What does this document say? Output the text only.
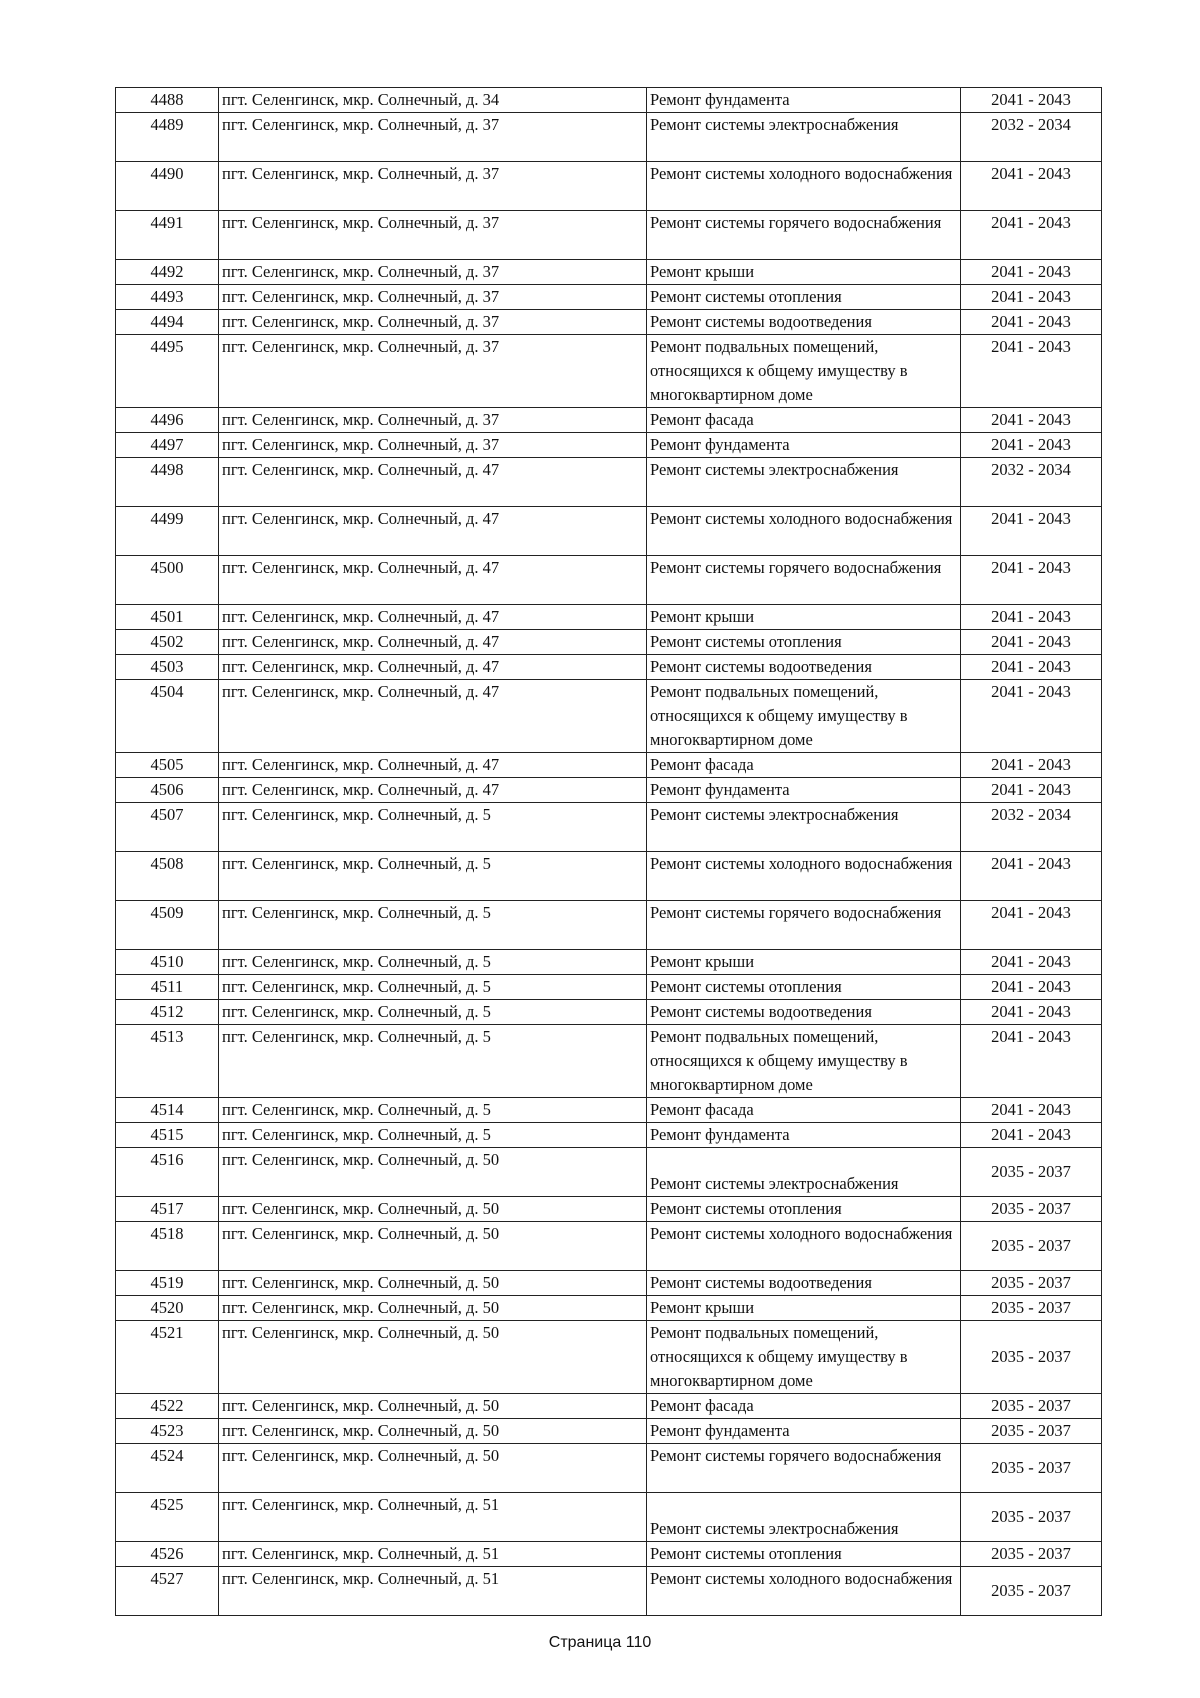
4488	пгт. Селенгинск, мкр. Солнечный, д. 34	Ремонт фундамента	2041 - 2043
4489	пгт. Селенгинск, мкр. Солнечный, д. 37	Ремонт системы электроснабжения	2032 - 2034
4490	пгт. Селенгинск, мкр. Солнечный, д. 37	Ремонт системы холодного водоснабжения	2041 - 2043
4491	пгт. Селенгинск, мкр. Солнечный, д. 37	Ремонт системы горячего водоснабжения	2041 - 2043
4492	пгт. Селенгинск, мкр. Солнечный, д. 37	Ремонт крыши	2041 - 2043
4493	пгт. Селенгинск, мкр. Солнечный, д. 37	Ремонт системы отопления	2041 - 2043
4494	пгт. Селенгинск, мкр. Солнечный, д. 37	Ремонт системы водоотведения	2041 - 2043
4495	пгт. Селенгинск, мкр. Солнечный, д. 37	Ремонт подвальных помещений, относящихся к общему имуществу в многоквартирном доме	2041 - 2043
4496	пгт. Селенгинск, мкр. Солнечный, д. 37	Ремонт фасада	2041 - 2043
4497	пгт. Селенгинск, мкр. Солнечный, д. 37	Ремонт фундамента	2041 - 2043
4498	пгт. Селенгинск, мкр. Солнечный, д. 47	Ремонт системы электроснабжения	2032 - 2034
4499	пгт. Селенгинск, мкр. Солнечный, д. 47	Ремонт системы холодного водоснабжения	2041 - 2043
4500	пгт. Селенгинск, мкр. Солнечный, д. 47	Ремонт системы горячего водоснабжения	2041 - 2043
4501	пгт. Селенгинск, мкр. Солнечный, д. 47	Ремонт крыши	2041 - 2043
4502	пгт. Селенгинск, мкр. Солнечный, д. 47	Ремонт системы отопления	2041 - 2043
4503	пгт. Селенгинск, мкр. Солнечный, д. 47	Ремонт системы водоотведения	2041 - 2043
4504	пгт. Селенгинск, мкр. Солнечный, д. 47	Ремонт подвальных помещений, относящихся к общему имуществу в многоквартирном доме	2041 - 2043
4505	пгт. Селенгинск, мкр. Солнечный, д. 47	Ремонт фасада	2041 - 2043
4506	пгт. Селенгинск, мкр. Солнечный, д. 47	Ремонт фундамента	2041 - 2043
4507	пгт. Селенгинск, мкр. Солнечный, д. 5	Ремонт системы электроснабжения	2032 - 2034
4508	пгт. Селенгинск, мкр. Солнечный, д. 5	Ремонт системы холодного водоснабжения	2041 - 2043
4509	пгт. Селенгинск, мкр. Солнечный, д. 5	Ремонт системы горячего водоснабжения	2041 - 2043
4510	пгт. Селенгинск, мкр. Солнечный, д. 5	Ремонт крыши	2041 - 2043
4511	пгт. Селенгинск, мкр. Солнечный, д. 5	Ремонт системы отопления	2041 - 2043
4512	пгт. Селенгинск, мкр. Солнечный, д. 5	Ремонт системы водоотведения	2041 - 2043
4513	пгт. Селенгинск, мкр. Солнечный, д. 5	Ремонт подвальных помещений, относящихся к общему имуществу в многоквартирном доме	2041 - 2043
4514	пгт. Селенгинск, мкр. Солнечный, д. 5	Ремонт фасада	2041 - 2043
4515	пгт. Селенгинск, мкр. Солнечный, д. 5	Ремонт фундамента	2041 - 2043
4516	пгт. Селенгинск, мкр. Солнечный, д. 50	Ремонт системы электроснабжения	2035 - 2037
4517	пгт. Селенгинск, мкр. Солнечный, д. 50	Ремонт системы отопления	2035 - 2037
4518	пгт. Селенгинск, мкр. Солнечный, д. 50	Ремонт системы холодного водоснабжения	2035 - 2037
4519	пгт. Селенгинск, мкр. Солнечный, д. 50	Ремонт системы водоотведения	2035 - 2037
4520	пгт. Селенгинск, мкр. Солнечный, д. 50	Ремонт крыши	2035 - 2037
4521	пгт. Селенгинск, мкр. Солнечный, д. 50	Ремонт подвальных помещений, относящихся к общему имуществу в многоквартирном доме	2035 - 2037
4522	пгт. Селенгинск, мкр. Солнечный, д. 50	Ремонт фасада	2035 - 2037
4523	пгт. Селенгинск, мкр. Солнечный, д. 50	Ремонт фундамента	2035 - 2037
4524	пгт. Селенгинск, мкр. Солнечный, д. 50	Ремонт системы горячего водоснабжения	2035 - 2037
4525	пгт. Селенгинск, мкр. Солнечный, д. 51	Ремонт системы электроснабжения	2035 - 2037
4526	пгт. Селенгинск, мкр. Солнечный, д. 51	Ремонт системы отопления	2035 - 2037
4527	пгт. Селенгинск, мкр. Солнечный, д. 51	Ремонт системы холодного водоснабжения	2035 - 2037
Страница 110
